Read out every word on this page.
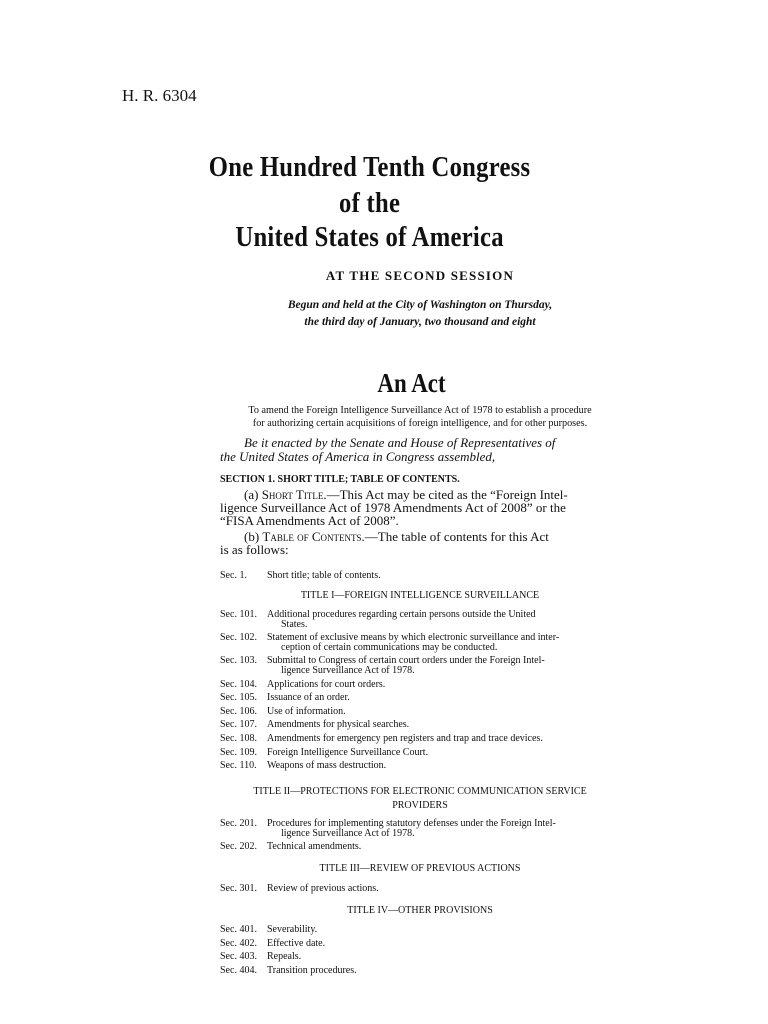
H. R. 6304
One Hundred Tenth Congress
of the
United States of America
AT THE SECOND SESSION
Begun and held at the City of Washington on Thursday,
the third day of January, two thousand and eight
An Act
To amend the Foreign Intelligence Surveillance Act of 1978 to establish a procedure
for authorizing certain acquisitions of foreign intelligence, and for other purposes.
Be it enacted by the Senate and House of Representatives of
the United States of America in Congress assembled,
SECTION 1. SHORT TITLE; TABLE OF CONTENTS.
(a) Short Title.—This Act may be cited as the “Foreign Intel-
ligence Surveillance Act of 1978 Amendments Act of 2008” or the
“FISA Amendments Act of 2008”.
(b) Table of Contents.—The table of contents for this Act
is as follows:
Sec. 1.	Short title; table of contents.
TITLE I—FOREIGN INTELLIGENCE SURVEILLANCE
Sec. 101.	Additional procedures regarding certain persons outside the United
States.
Sec. 102.	Statement of exclusive means by which electronic surveillance and inter-
ception of certain communications may be conducted.
Sec. 103.	Submittal to Congress of certain court orders under the Foreign Intel-
ligence Surveillance Act of 1978.
Sec. 104.	Applications for court orders.
Sec. 105.	Issuance of an order.
Sec. 106.	Use of information.
Sec. 107.	Amendments for physical searches.
Sec. 108.	Amendments for emergency pen registers and trap and trace devices.
Sec. 109.	Foreign Intelligence Surveillance Court.
Sec. 110.	Weapons of mass destruction.
TITLE II—PROTECTIONS FOR ELECTRONIC COMMUNICATION SERVICE
PROVIDERS
Sec. 201.	Procedures for implementing statutory defenses under the Foreign Intel-
ligence Surveillance Act of 1978.
Sec. 202.	Technical amendments.
TITLE III—REVIEW OF PREVIOUS ACTIONS
Sec. 301.	Review of previous actions.
TITLE IV—OTHER PROVISIONS
Sec. 401.	Severability.
Sec. 402.	Effective date.
Sec. 403.	Repeals.
Sec. 404.	Transition procedures.
